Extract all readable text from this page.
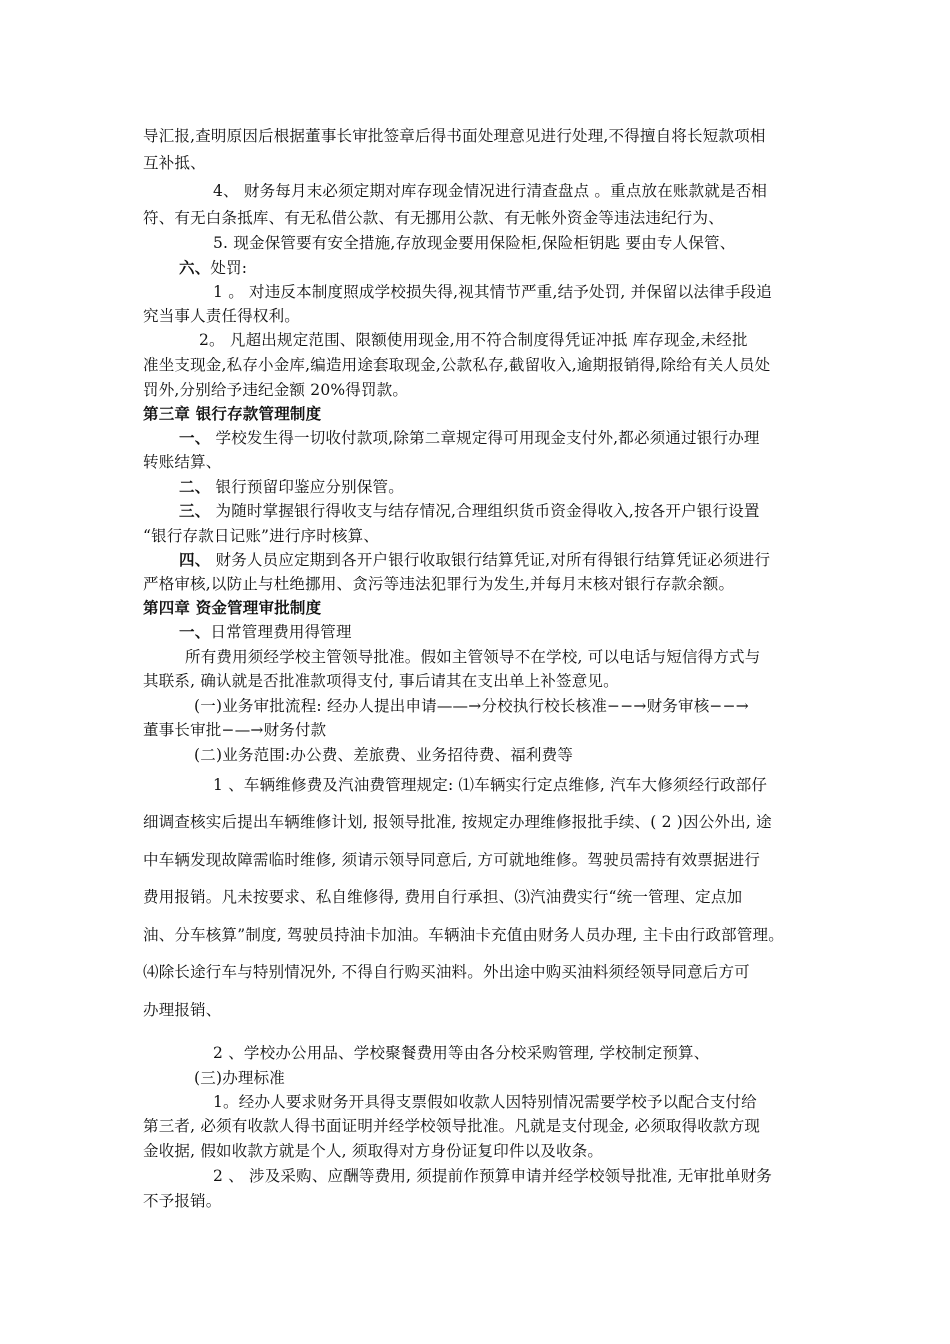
导汇报,查明原因后根据董事长审批签章后得书面处理意见进行处理,不得擅自将长短款项相
互补抵、
4、 财务每月末必须定期对库存现金情况进行清查盘点 。重点放在账款就是否相
符、有无白条抵库、有无私借公款、有无挪用公款、有无帐外资金等违法违纪行为、
5. 现金保管要有安全措施,存放现金要用保险柜,保险柜钥匙 要由专人保管、
六、处罚:
1 。 对违反本制度照成学校损失得,视其情节严重,结予处罚, 并保留以法律手段追
究当事人责任得权利。
2。 凡超出规定范围、限额使用现金,用不符合制度得凭证冲抵 库存现金,未经批
准坐支现金,私存小金库,编造用途套取现金,公款私存,截留收入,逾期报销得,除给有关人员处
罚外,分别给予违纪金额 20%得罚款。
第三章 银行存款管理制度
一、 学校发生得一切收付款项,除第二章规定得可用现金支付外,都必须通过银行办理
转账结算、
二、 银行预留印鉴应分别保管。
三、 为随时掌握银行得收支与结存情况,合理组织货币资金得收入,按各开户银行设置
“银行存款日记账”进行序时核算、
四、 财务人员应定期到各开户银行收取银行结算凭证,对所有得银行结算凭证必须进行
严格审核,以防止与杜绝挪用、贪污等违法犯罪行为发生,并每月末核对银行存款余额。
第四章 资金管理审批制度
一、日常管理费用得管理
所有费用须经学校主管领导批准。假如主管领导不在学校, 可以电话与短信得方式与
其联系, 确认就是否批准款项得支付, 事后请其在支出单上补签意见。
(一)业务审批流程: 经办人提出申请——→分校执行校长核准−−→财务审核−−→
董事长审批−—→财务付款
(二)业务范围:办公费、差旅费、业务招待费、福利费等
1 、车辆维修费及汽油费管理规定: ⑴车辆实行定点维修, 汽车大修须经行政部仔
细调查核实后提出车辆维修计划, 报领导批准, 按规定办理维修报批手续、( 2 )因公外出, 途
中车辆发现故障需临时维修, 须请示领导同意后, 方可就地维修。驾驶员需持有效票据进行
费用报销。凡未按要求、私自维修得, 费用自行承担、⑶汽油费实行“统一管理、定点加
油、分车核算”制度, 驾驶员持油卡加油。车辆油卡充值由财务人员办理, 主卡由行政部管理。
⑷除长途行车与特别情况外, 不得自行购买油料。外出途中购买油料须经领导同意后方可
办理报销、
2 、学校办公用品、学校聚餐费用等由各分校采购管理, 学校制定预算、
(三)办理标准
1。经办人要求财务开具得支票假如收款人因特别情况需要学校予以配合支付给
第三者, 必须有收款人得书面证明并经学校领导批准。凡就是支付现金, 必须取得收款方现
金收据, 假如收款方就是个人, 须取得对方身份证复印件以及收条。
2 、 涉及采购、应酬等费用, 须提前作预算申请并经学校领导批准, 无审批单财务
不予报销。
